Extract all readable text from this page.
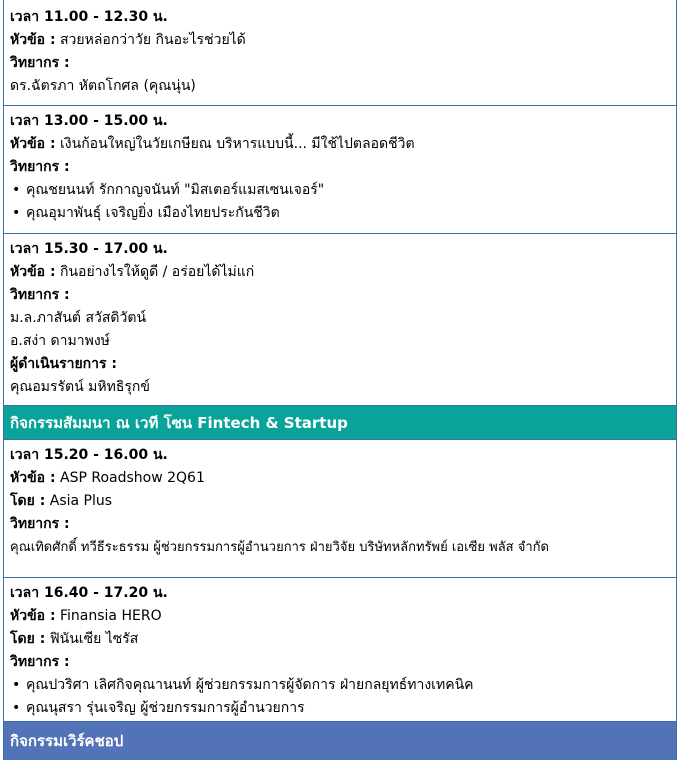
เวลา 11.00 - 12.30 น.
หัวข้อ : สวยหล่อกว่าวัย กินอะไรช่วยได้
วิทยากร :
ดร.ฉัตรภา หัตถโกศล (คุณนุ่น)
เวลา 13.00 - 15.00 น.
หัวข้อ : เงินก้อนใหญ่ในวัยเกษียณ บริหารแบบนี้... มีใช้ไปตลอดชีวิต
วิทยากร :
• คุณชยนนท์ รักกาญจนันท์ "มิสเตอร์แมสเซนเจอร์"
• คุณอุมาพันธุ์ เจริญยิ่ง เมืองไทยประกันชีวิต
เวลา 15.30 - 17.00 น.
หัวข้อ : กินอย่างไรให้ดูดี / อร่อยได้ไม่แก่
วิทยากร :
ม.ล.ภาสันต์ สวัสดิวัตน์
อ.สง่า ดามาพงษ์
ผู้ดำเนินรายการ :
คุณอมรรัตน์ มหิทธิรุกข์
กิจกรรมสัมมนา ณ เวที โซน Fintech & Startup
เวลา 15.20 - 16.00 น.
หัวข้อ : ASP Roadshow 2Q61
โดย : Asia Plus
วิทยากร :
คุณเทิดศักดิ์ ทวีธีระธรรม ผู้ช่วยกรรมการผู้อำนวยการ ฝ่ายวิจัย บริษัทหลักทรัพย์ เอเซีย พลัส จำกัด
เวลา 16.40 - 17.20 น.
หัวข้อ : Finansia HERO
โดย : ฟินันเซีย ไซรัส
วิทยากร :
• คุณปวริศา เลิศกิจคุณานนท์ ผู้ช่วยกรรมการผู้จัดการ ฝ่ายกลยุทธ์ทางเทคนิค
• คุณนุสรา รุ่นเจริญ ผู้ช่วยกรรมการผู้อำนวยการ
กิจกรรมเวิร์คชอป
